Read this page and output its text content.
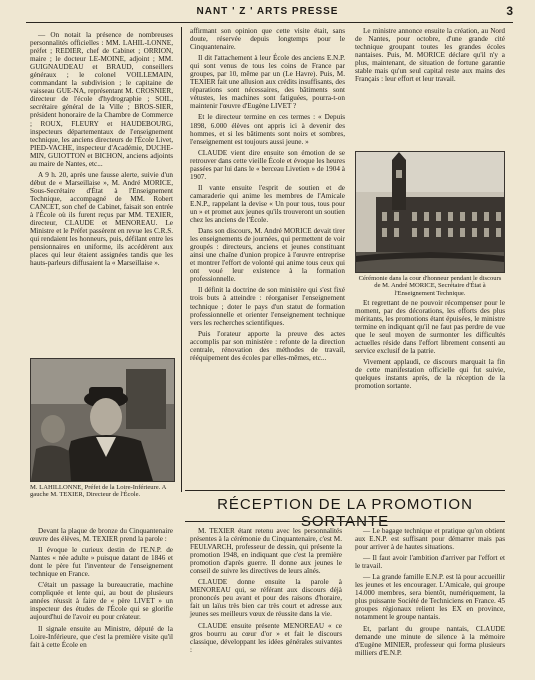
NANT ' Z ' ARTS PRESSE	3

— On notait la présence de nombreuses personnalités officielles : MM. LAHIL-LONNE, préfet ; REDIER, chef de Cabinet ; ORRION, maire ; le docteur LE-MOINE, adjoint ; MM. GUIGNAUDEAU et BRAUD, conseillers généraux ; le colonel VOILLEMAIN, commandant la subdivision ; le capitaine de vaisseau GUE-NA, représentant M. CROSNIER, directeur de l'école d'hydrographie ; SOIL, secrétaire général de la Ville ; BROS-SIER, président honoraire de la Chambre de Commerce ; ROUX, FLEURY et HAUDEBOURG, inspecteurs départementaux de l'enseignement technique, les anciens directeurs de l'École Livet, PIED-VACHE, inspecteur d'Académie, DUCHE-MIN, GUIOTTON et BICHON, anciens adjoints au maire de Nantes, etc...

A 9 h. 20, après une fausse alerte, suivie d'un début de « Marseillaise », M. André MORICE, Sous-Secrétaire d'État à l'Enseignement Technique, accompagné de MM. Robert CANCET, son chef de Cabinet, faisait son entrée à l'École où ils furent reçus par MM. TEXIER, directeur, CLAUDE et MENOREAU. Le Ministre et le Préfet passèrent en revue les C.R.S. qui rendaient les honneurs, puis, défilant entre les pensionnaires en uniforme, ils accédèrent aux places qui leur étaient assignées tandis que les hauts-parleurs diffusaient la « Marseillaise ».

M. LAHILLONNE, Préfet de la Loire-Inférieure. A gauche M. TEXIER, Directeur de l'École.

Devant la plaque de bronze du Cinquantenaire œuvre des élèves, M. TEXIER prend la parole :

Il évoque le curieux destin de l'E.N.P. de Nantes « née adulte » puisque datant de 1846 et dont le père fut l'inventeur de l'enseignement technique en France.

C'était un passage la bureaucratie, machine compliquée et lente qui, au bout de plusieurs années réussit à faire de « père LIVET » un inspecteur des études de l'École qui se glorifie aujourd'hui de l'avoir eu pour créateur.

Il signale ensuite au Ministre, député de la Loire-Inférieure, que c'est la première visite qu'il fait à cette École en

affirmant son opinion que cette visite était, sans doute, réservée depuis longtemps pour le Cinquantenaire.

Il dit l'attachement à leur École des anciens E.N.P. qui sont venus de tous les coins de France par groupes, par 10, même par un (Le Havre). Puis, M. TEXIER fait une allusion aux crédits insuffisants, des réparations sont nécessaires, des bâtiments sont vétustes, les machines sont fatiguées, pourra-t-on maintenir l'œuvre d'Eugène LIVET ?

Et le directeur termine en ces termes : « Depuis 1898, 6.000 élèves ont appris ici à devenir des hommes, et si les bâtiments sont noirs et sombres, l'enseignement est toujours aussi jeune. »

CLAUDE vient dire ensuite son émotion de se retrouver dans cette vieille École et évoque les heures passées par lui dans le « berceau Livetien » de 1904 à 1907.

Il vante ensuite l'esprit de soutien et de camaraderie qui anime les membres de l'Amicale E.N.P., rappelant la devise « Un pour tous, tous pour un » et promet aux jeunes qu'ils trouveront un soutien chez les anciens de l'École.

Dans son discours, M. André MORICE devait tirer les enseignements de journées, qui permettent de voir groupés : directeurs, anciens et jeunes constituant ainsi une chaîne d'union propice à l'œuvre entreprise et montrer l'effort de volonté qui anime tous ceux qui ont voué leur existence à la formation professionnelle.

Il définit la doctrine de son ministère qui s'est fixé trois buts à atteindre : réorganiser l'enseignement technique ; doter le pays d'un statut de formation professionnelle et orienter l'enseignement technique vers les recherches scientifiques.

Puis l'orateur apporte la preuve des actes accomplis par son ministère : refonte de la direction centrale, rénovation des méthodes de travail, rééquipement des écoles par elles-mêmes, etc...

Le ministre annonce ensuite la création, au Nord de Nantes, pour octobre, d'une grande cité technique groupant toutes les grandes écoles nantaises. Puis, M. MORICE déclare qu'il n'y a plus, maintenant, de situation de fortune garantie stable mais qu'un seul capital reste aux mains des Français : leur effort et leur travail.

Cérémonie dans la cour d'honneur pendant le discours de M. André MORICE, Secrétaire d'État à l'Enseignement Technique.

Et regrettant de ne pouvoir récompenser pour le moment, par des décorations, les efforts des plus méritants, les promotions étant épuisées, le ministre termine en indiquant qu'il ne faut pas perdre de vue que le seul moyen de surmonter les difficultés actuelles réside dans l'effort librement consenti au service exclusif de la patrie.

Vivement applaudi, ce discours marquait la fin de cette manifestation officielle qui fut suivie, quelques instants après, de la réception de la promotion sortante.

RÉCEPTION DE LA PROMOTION SORTANTE

M. TEXIER étant retenu avec les personnalités présentes à la cérémonie du Cinquantenaire, c'est M. FEULVARCH, professeur de dessin, qui présente la promotion 1948, en indiquant que c'est la première promotion d'après guerre. Il donne aux jeunes le conseil de suivre les directives de leurs aînés.

CLAUDE donne ensuite la parole à MENOREAU qui, se référant aux discours déjà prononcés peu avant et pour des raisons d'horaire, fait un laïus très bien car très court et adresse aux jeunes ses meilleurs vœux de réussite dans la vie.

CLAUDE ensuite présente MENOREAU « ce gros bourru au cœur d'or » et fait le discours classique, développant les idées générales suivantes :

— Le bagage technique et pratique qu'on obtient aux E.N.P. est suffisant pour démarrer mais pas pour arriver à de hautes situations.

— Il faut avoir l'ambition d'arriver par l'effort et le travail.

— La grande famille E.N.P. est là pour accueillir les jeunes et les encourager. L'Amicale, qui groupe 14.000 membres, sera bientôt, numériquement, la plus puissante Société de Techniciens en France. 45 groupes régionaux relient les EX en province, notamment le groupe nantais.

Et, parlant du groupe nantais, CLAUDE demande une minute de silence à la mémoire d'Eugène MINIER, professeur qui forma plusieurs milliers d'E.N.P.
